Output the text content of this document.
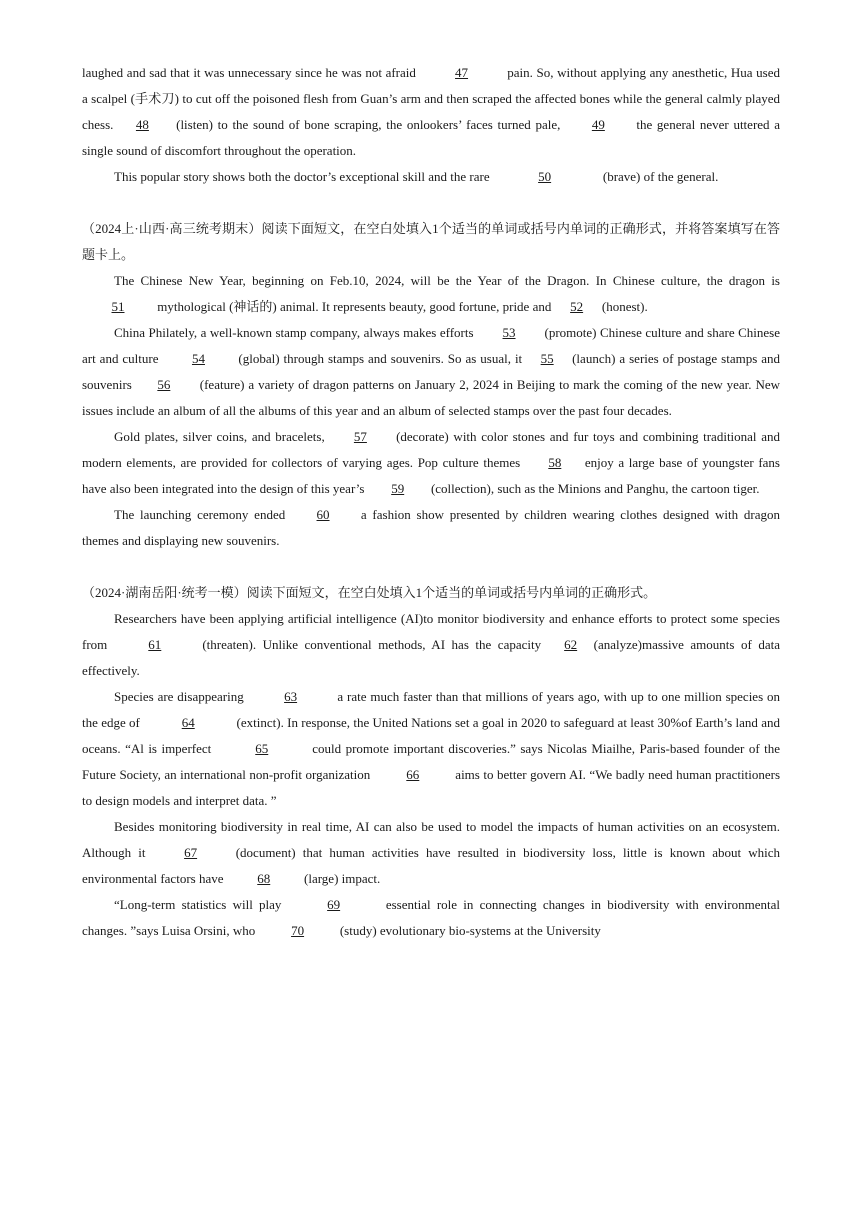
laughed and sad that it was unnecessary since he was not afraid	47	pain. So, without applying any anesthetic, Hua used a scalpel (手术刀) to cut off the poisoned flesh from Guan’s arm and then scraped the affected bones while the general calmly played chess. 48 (listen) to the sound of bone scraping, the onlookers’ faces turned pale, 49 the general never uttered a single sound of discomfort throughout the operation.

This popular story shows both the doctor’s exceptional skill and the rare	50	(brave) of the general.

（2024上·山西·高三统考期末）阅读下面短文，在空白处填入1个适当的单词或括号内单词的正确形式，并将答案填写在答题卡上。

The Chinese New Year, beginning on Feb.10, 2024, will be the Year of the Dragon. In Chinese culture, the dragon is 51 mythological (神话的) animal. It represents beauty, good fortune, pride and 52 (honest).

China Philately, a well-known stamp company, always makes efforts 53 (promote) Chinese culture and share Chinese art and culture 54 (global) through stamps and souvenirs. So as usual, it 55 (launch) a series of postage stamps and souvenirs 56 (feature) a variety of dragon patterns on January 2, 2024 in Beijing to mark the coming of the new year. New issues include an album of all the albums of this year and an album of selected stamps over the past four decades.

Gold plates, silver coins, and bracelets, 57 (decorate) with color stones and fur toys and combining traditional and modern elements, are provided for collectors of varying ages. Pop culture themes 58 enjoy a large base of youngster fans have also been integrated into the design of this year’s 59 (collection), such as the Minions and Panghu, the cartoon tiger.

The launching ceremony ended 60 a fashion show presented by children wearing clothes designed with dragon themes and displaying new souvenirs.

（2024·湖南岳阳·统考一模）阅读下面短文，在空白处填入1个适当的单词或括号内单词的正确形式。

Researchers have been applying artificial intelligence (AI)to monitor biodiversity and enhance efforts to protect some species from	61	(threaten). Unlike conventional methods, AI has the capacity 62 (analyze)massive amounts of data effectively.

Species are disappearing	63	a rate much faster than that millions of years ago, with up to one million species on the edge of	64	(extinct). In response, the United Nations set a goal in 2020 to safeguard at least 30%of Earth’s land and oceans. “Al is imperfect	65	could promote important discoveries.” says Nicolas Miailhe, Paris-based founder of the Future Society, an international non-profit organization	66	aims to better govern AI. “We badly need human practitioners to design models and interpret data. ”

Besides monitoring biodiversity in real time, AI can also be used to model the impacts of human activities on an ecosystem. Although it 67 (document) that human activities have resulted in biodiversity loss, little is known about which environmental factors have 68 (large) impact.

“Long-term statistics will play	69	essential role in connecting changes in biodiversity with environmental changes. ”says Luisa Orsini, who	70	(study) evolutionary bio-systems at the University
